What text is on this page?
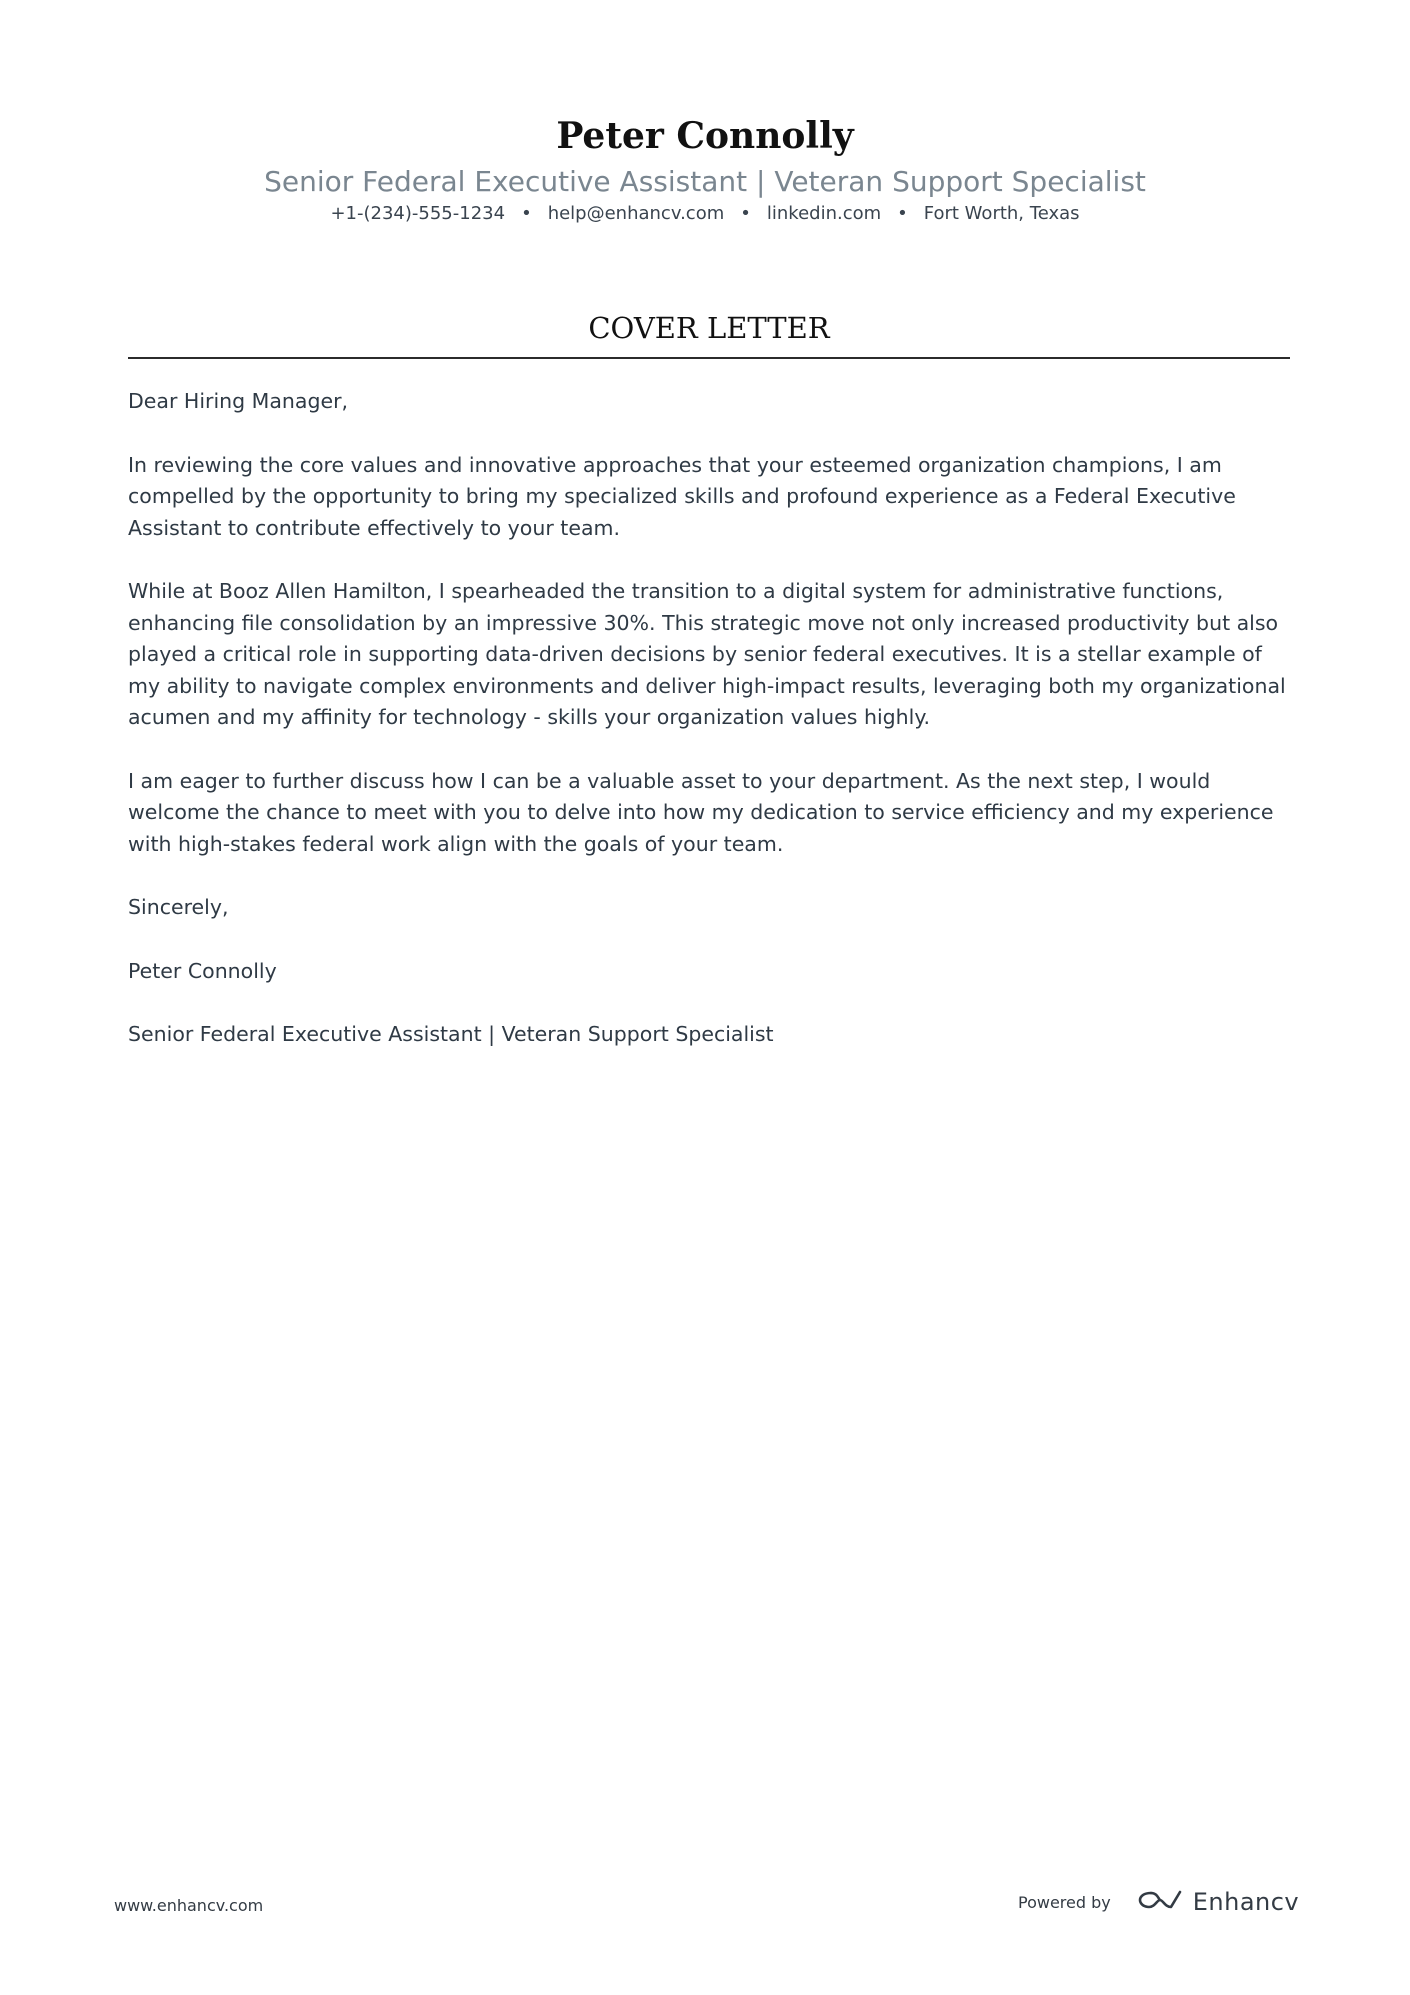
Peter Connolly
Senior Federal Executive Assistant | Veteran Support Specialist
+1-(234)-555-1234 • help@enhancv.com • linkedin.com • Fort Worth, Texas
COVER LETTER

Dear Hiring Manager,

In reviewing the core values and innovative approaches that your esteemed organization champions, I am compelled by the opportunity to bring my specialized skills and profound experience as a Federal Executive Assistant to contribute effectively to your team.

While at Booz Allen Hamilton, I spearheaded the transition to a digital system for administrative functions, enhancing file consolidation by an impressive 30%. This strategic move not only increased productivity but also played a critical role in supporting data-driven decisions by senior federal executives. It is a stellar example of my ability to navigate complex environments and deliver high-impact results, leveraging both my organizational acumen and my affinity for technology - skills your organization values highly.

I am eager to further discuss how I can be a valuable asset to your department. As the next step, I would welcome the chance to meet with you to delve into how my dedication to service efficiency and my experience with high-stakes federal work align with the goals of your team.

Sincerely,

Peter Connolly

Senior Federal Executive Assistant | Veteran Support Specialist

www.enhancv.com	Powered by	Enhancv
